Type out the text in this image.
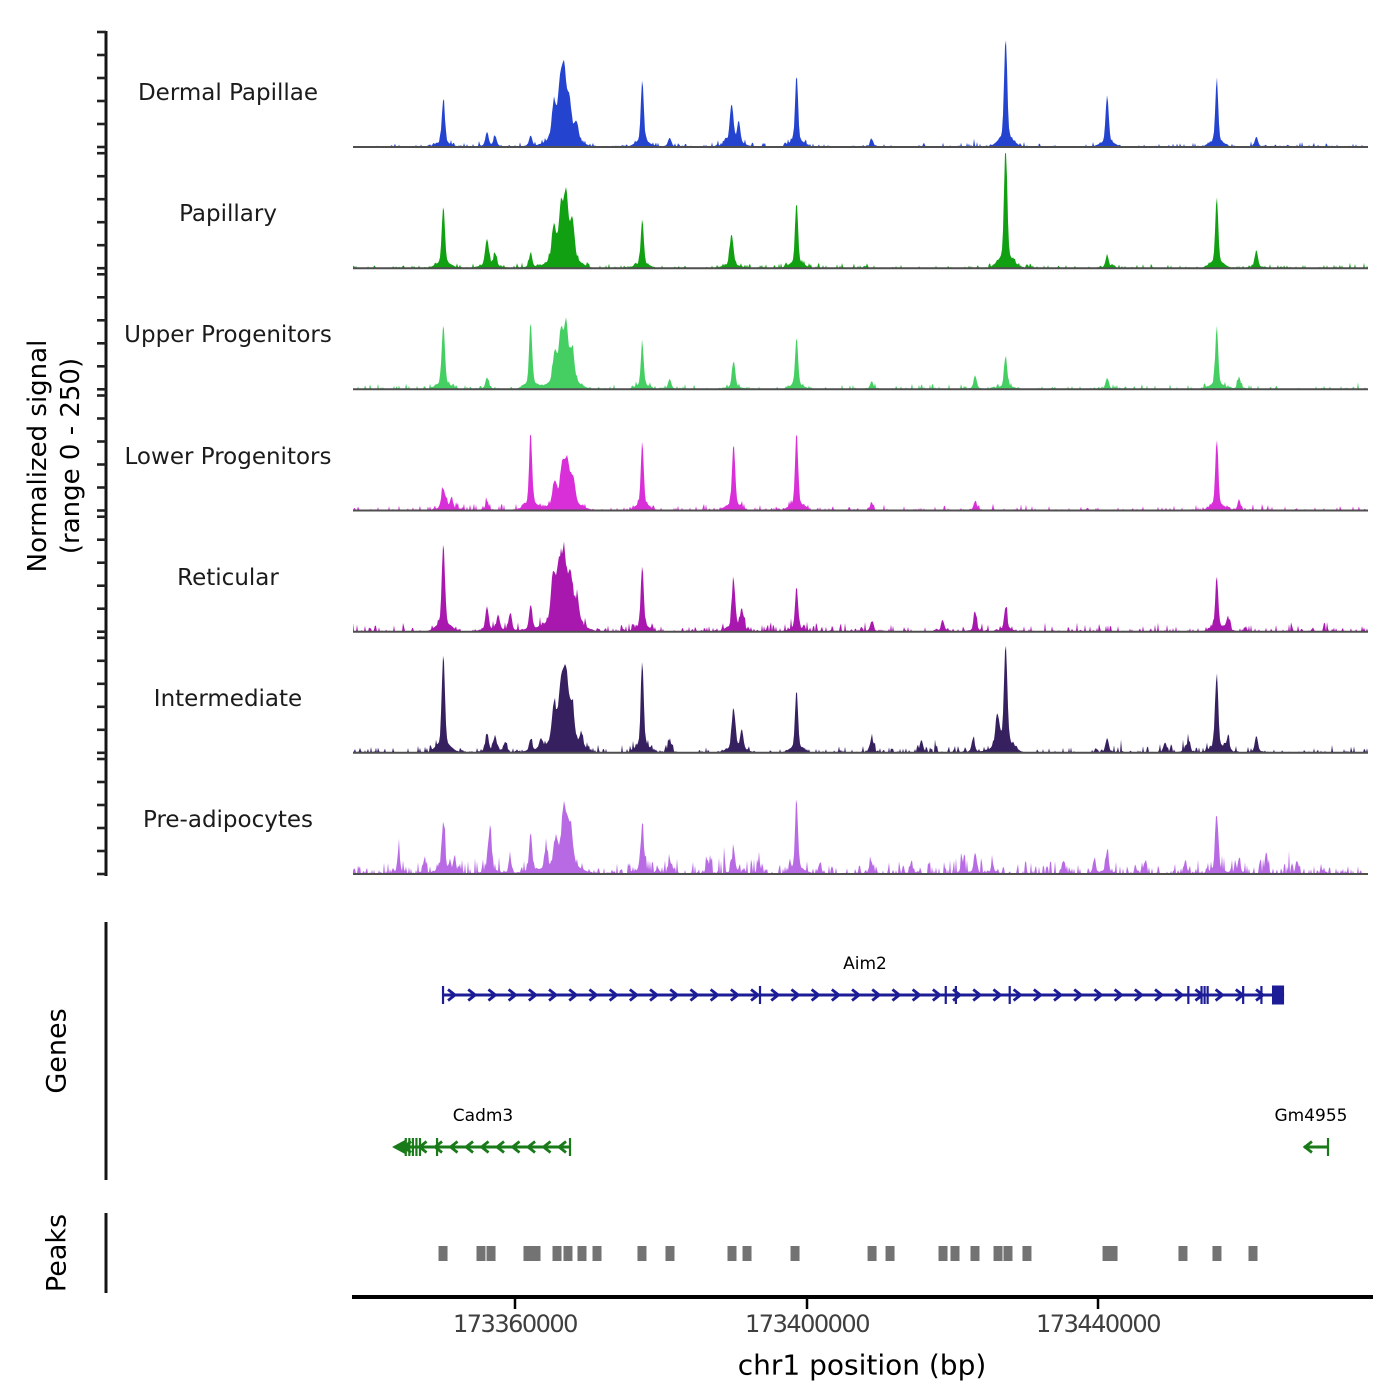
Normalized signal (range 0 - 250)
Genes
Peaks
chr1 position (bp)
Dermal Papillae
Papillary
Upper Progenitors
Lower Progenitors
Reticular
Intermediate
Pre-adipocytes
Aim2
Cadm3	Gm4955
173360000	173400000	173440000
